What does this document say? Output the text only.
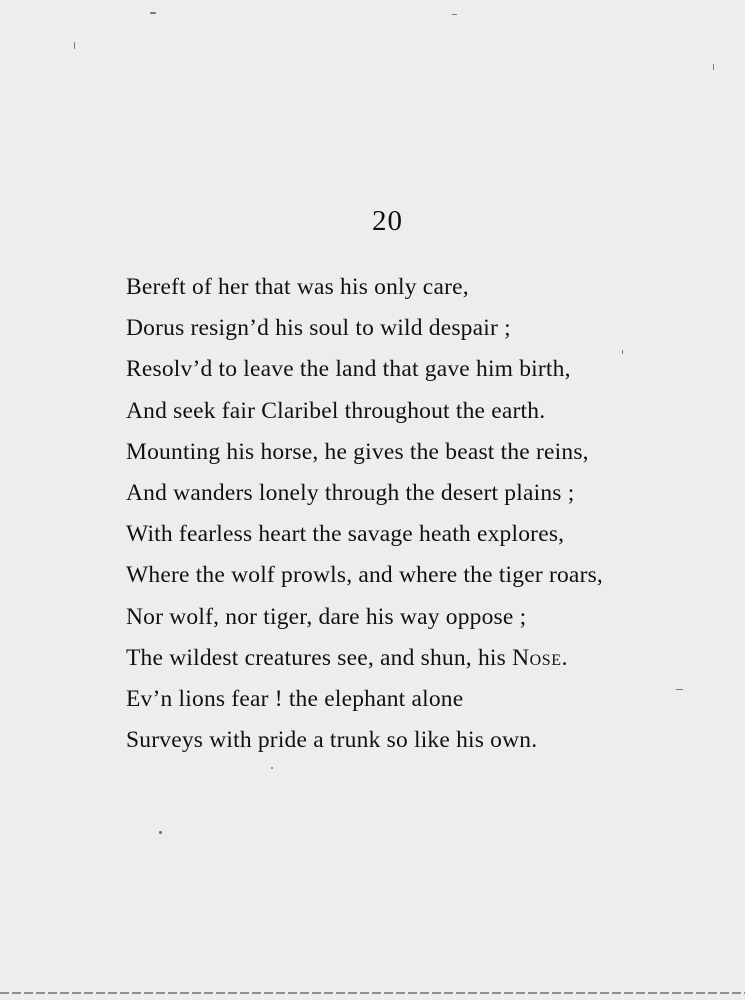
20
Bereft of her that was his only care,
Dorus resign’d his soul to wild despair ;
Resolv’d to leave the land that gave him birth,
And seek fair Claribel throughout the earth.
Mounting his horse, he gives the beast the reins,
And wanders lonely through the desert plains ;
With fearless heart the savage heath explores,
Where the wolf prowls, and where the tiger roars,
Nor wolf, nor tiger, dare his way oppose ;
The wildest creatures see, and shun, his Nose.
Ev’n lions fear ! the elephant alone
Surveys with pride a trunk so like his own.
